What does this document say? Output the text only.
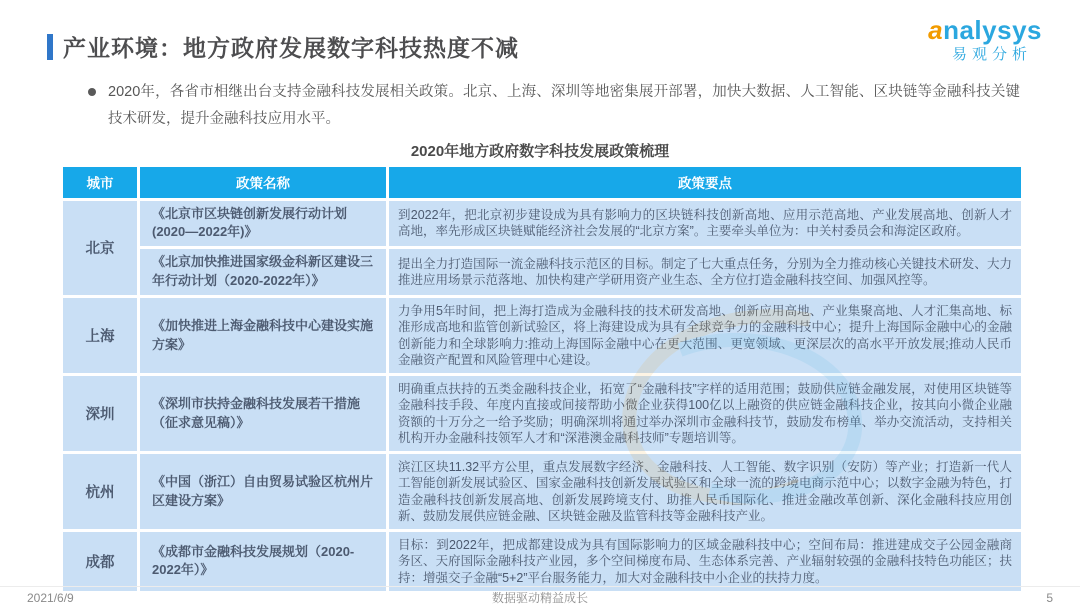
产业环境：地方政府发展数字科技热度不减
analysys
易观分析

2020年，各省市相继出台支持金融科技发展相关政策。北京、上海、深圳等地密集展开部署，加快大数据、人工智能、区块链等金融科技关键技术研发，提升金融科技应用水平。

2020年地方政府数字科技发展政策梳理
城市	政策名称	政策要点
北京	《北京市区块链创新发展行动计划(2020—2022年)》	到2022年，把北京初步建设成为具有影响力的区块链科技创新高地、应用示范高地、产业发展高地、创新人才高地，率先形成区块链赋能经济社会发展的“北京方案”。主要牵头单位为：中关村委员会和海淀区政府。
	《北京加快推进国家级金科新区建设三年行动计划（2020-2022年）》	提出全力打造国际一流金融科技示范区的目标。制定了七大重点任务，分别为全力推动核心关键技术研发、大力推进应用场景示范落地、加快构建产学研用资产业生态、全方位打造金融科技空间、加强风控等。
上海	《加快推进上海金融科技中心建设实施方案》	力争用5年时间，把上海打造成为金融科技的技术研发高地、创新应用高地、产业集聚高地、人才汇集高地、标准形成高地和监管创新试验区，将上海建设成为具有全球竞争力的金融科技中心；提升上海国际金融中心的金融创新能力和全球影响力:推动上海国际金融中心在更大范围、更宽领域、更深层次的高水平开放发展;推动人民币金融资产配置和风险管理中心建设。
深圳	《深圳市扶持金融科技发展若干措施（征求意见稿）》	明确重点扶持的五类金融科技企业，拓宽了“金融科技”字样的适用范围；鼓励供应链金融发展，对使用区块链等金融科技手段、年度内直接或间接帮助小微企业获得100亿以上融资的供应链金融科技企业，按其向小微企业融资额的十万分之一给予奖励；明确深圳将通过举办深圳市金融科技节，鼓励发布榜单、举办交流活动，支持相关机构开办金融科技领军人才和“深港澳金融科技师”专题培训等。
杭州	《中国（浙江）自由贸易试验区杭州片区建设方案》	滨江区块11.32平方公里，重点发展数字经济、金融科技、人工智能、数字识别（安防）等产业；打造新一代人工智能创新发展试验区、国家金融科技创新发展试验区和全球一流的跨境电商示范中心；以数字金融为特色，打造金融科技创新发展高地、创新发展跨境支付、助推人民币国际化、推进金融改革创新、深化金融科技应用创新、鼓励发展供应链金融、区块链金融及监管科技等金融科技产业。
成都	《成都市金融科技发展规划（2020-2022年）》	目标：到2022年，把成都建设成为具有国际影响力的区域金融科技中心；空间布局：推进建成交子公园金融商务区、天府国际金融科技产业园，多个空间梯度布局、生态体系完善、产业辐射较强的金融科技特色功能区；扶持：增强交子金融“5+2”平台服务能力，加大对金融科技中小企业的扶持力度。
2021/6/9	数据驱动精益成长	5
